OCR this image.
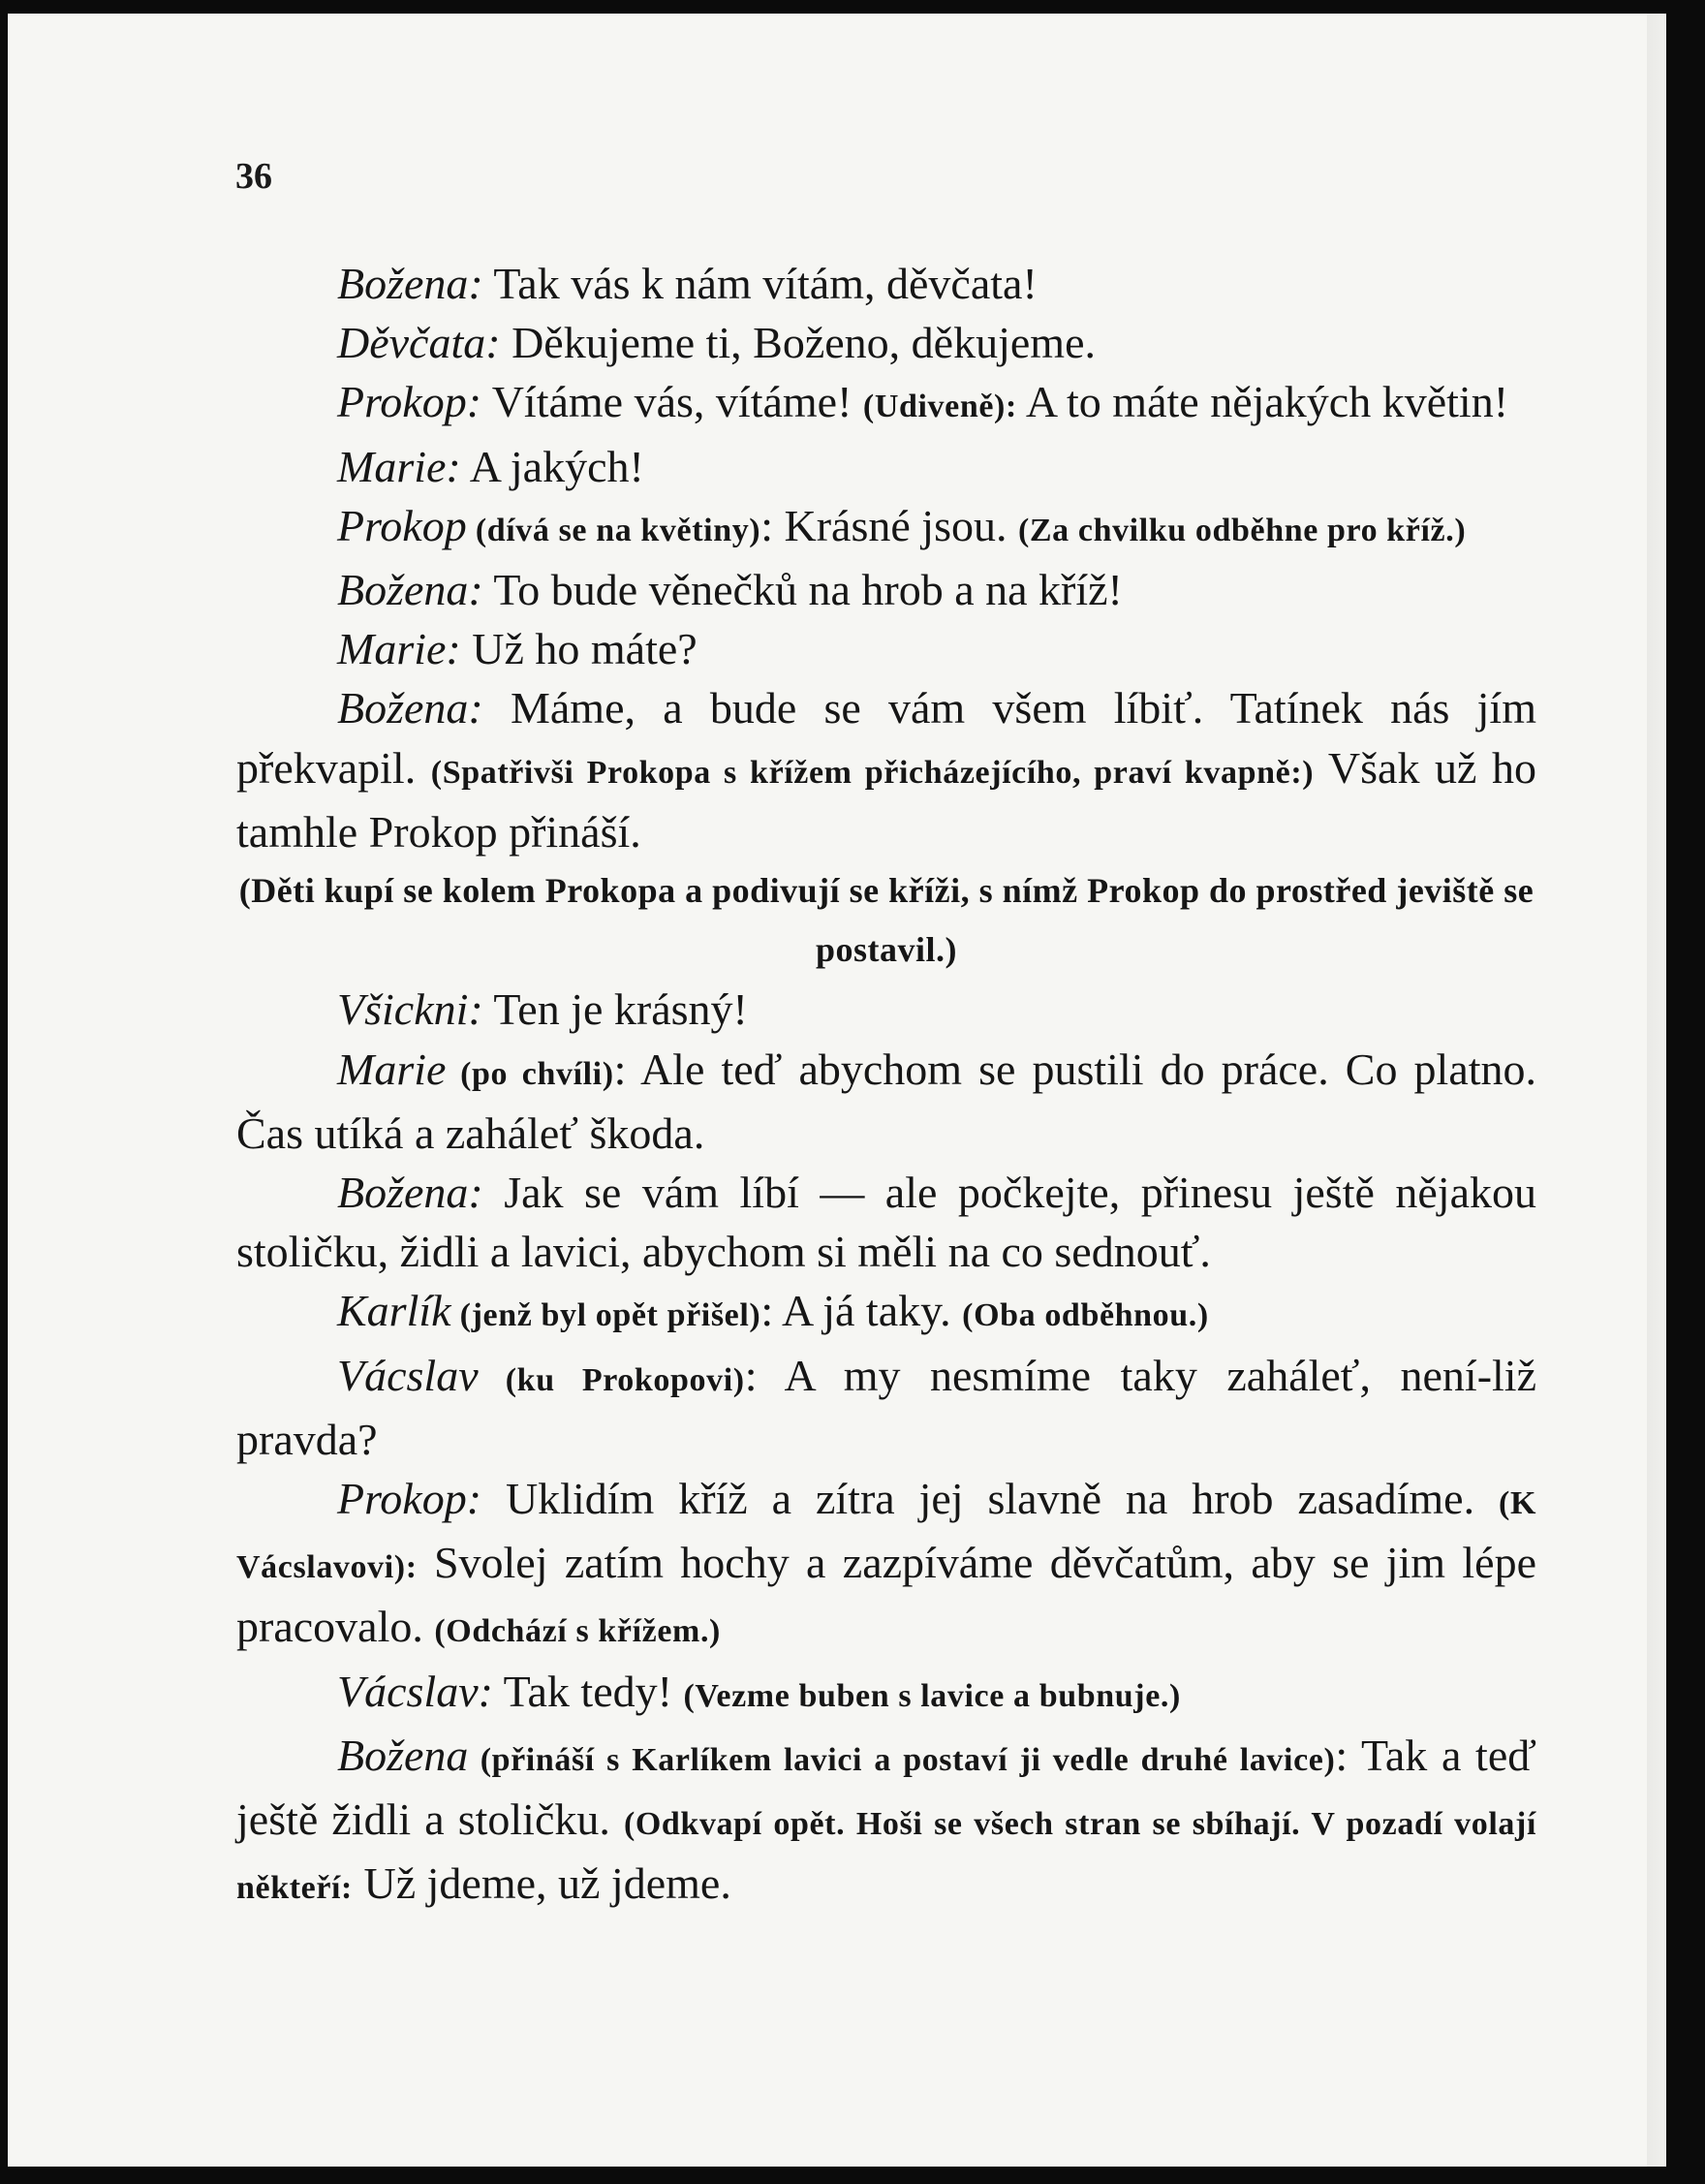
36

Božena: Tak vás k nám vítám, děvčata!

Děvčata: Děkujeme ti, Boženo, děkujeme.

Prokop: Vítáme vás, vítáme! (Udiveně): A to máte nějakých květin!

Marie: A jakých!

Prokop (dívá se na květiny): Krásné jsou. (Za chvilku odběhne pro kříž.)

Božena: To bude věnečků na hrob a na kříž!

Marie: Už ho máte?

Božena: Máme, a bude se vám všem líbiť. Tatínek nás jím překvapil. (Spatřivši Prokopa s křížem přicházejícího, praví kvapně:) Však už ho tamhle Prokop přináší.

(Děti kupí se kolem Prokopa a podivují se kříži, s nímž Prokop do prostřed jeviště se postavil.)

Všickni: Ten je krásný!

Marie (po chvíli): Ale teď abychom se pustili do práce. Co platno. Čas utíká a zaháleť škoda.

Božena: Jak se vám líbí — ale počkejte, přinesu ještě nějakou stoličku, židli a lavici, abychom si měli na co sednouť.

Karlík (jenž byl opět přišel): A já taky. (Oba odběhnou.)

Vácslav (ku Prokopovi): A my nesmíme taky zaháleť, není-liž pravda?

Prokop: Uklidím kříž a zítra jej slavně na hrob zasadíme. (K Vácslavovi): Svolej zatím hochy a zazpíváme děvčatům, aby se jim lépe pracovalo. (Odchází s křížem.)

Vácslav: Tak tedy! (Vezme buben s lavice a bubnuje.)

Božena (přináší s Karlíkem lavici a postaví ji vedle druhé lavice): Tak a teď ještě židli a stoličku. (Odkvapí opět. Hoši se všech stran se sbíhají. V pozadí volají někteří: Už jdeme, už jdeme.
